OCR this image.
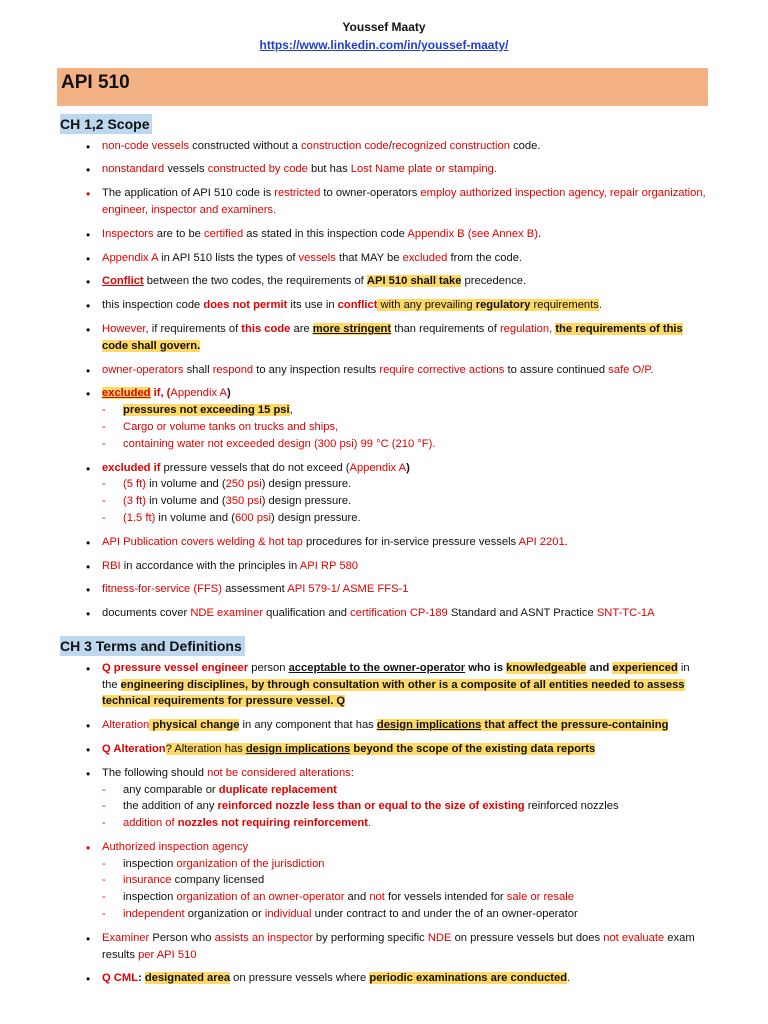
Youssef Maaty
https://www.linkedin.com/in/youssef-maaty/
API 510
CH 1,2 Scope
• non-code vessels constructed without a construction code/recognized construction code.
• nonstandard vessels constructed by code but has Lost Name plate or stamping.
• The application of API 510 code is restricted to owner-operators employ authorized inspection agency, repair organization, engineer, inspector and examiners.
• Inspectors are to be certified as stated in this inspection code Appendix B (see Annex B).
• Appendix A in API 510 lists the types of vessels that MAY be excluded from the code.
• Conflict between the two codes, the requirements of API 510 shall take precedence.
• this inspection code does not permit its use in conflict with any prevailing regulatory requirements.
• However, if requirements of this code are more stringent than requirements of regulation, the requirements of this code shall govern.
• owner-operators shall respond to any inspection results require corrective actions to assure continued safe O/P.
• excluded if, (Appendix A)
- pressures not exceeding 15 psi,
- Cargo or volume tanks on trucks and ships,
- containing water not exceeded design (300 psi) 99 °C (210 °F).
• excluded if pressure vessels that do not exceed (Appendix A)
- (5 ft) in volume and (250 psi) design pressure.
- (3 ft) in volume and (350 psi) design pressure.
- (1.5 ft) in volume and (600 psi) design pressure.
• API Publication covers welding & hot tap procedures for in-service pressure vessels API 2201.
• RBI in accordance with the principles in API RP 580
• fitness-for-service (FFS) assessment API 579-1/ ASME FFS-1
• documents cover NDE examiner qualification and certification CP-189 Standard and ASNT Practice SNT-TC-1A
CH 3 Terms and Definitions
• Q pressure vessel engineer person acceptable to the owner-operator who is knowledgeable and experienced in the engineering disciplines, by through consultation with other is a composite of all entities needed to assess technical requirements for pressure vessel. Q
• Alteration physical change in any component that has design implications that affect the pressure-containing
• Q Alteration? Alteration has design implications beyond the scope of the existing data reports
• The following should not be considered alterations:
- any comparable or duplicate replacement
- the addition of any reinforced nozzle less than or equal to the size of existing reinforced nozzles
- addition of nozzles not requiring reinforcement.
• Authorized inspection agency
- inspection organization of the jurisdiction
- insurance company licensed
- inspection organization of an owner-operator and not for vessels intended for sale or resale
- independent organization or individual under contract to and under the of an owner-operator
• Examiner Person who assists an inspector by performing specific NDE on pressure vessels but does not evaluate exam results per API 510
• Q CML: designated area on pressure vessels where periodic examinations are conducted.
